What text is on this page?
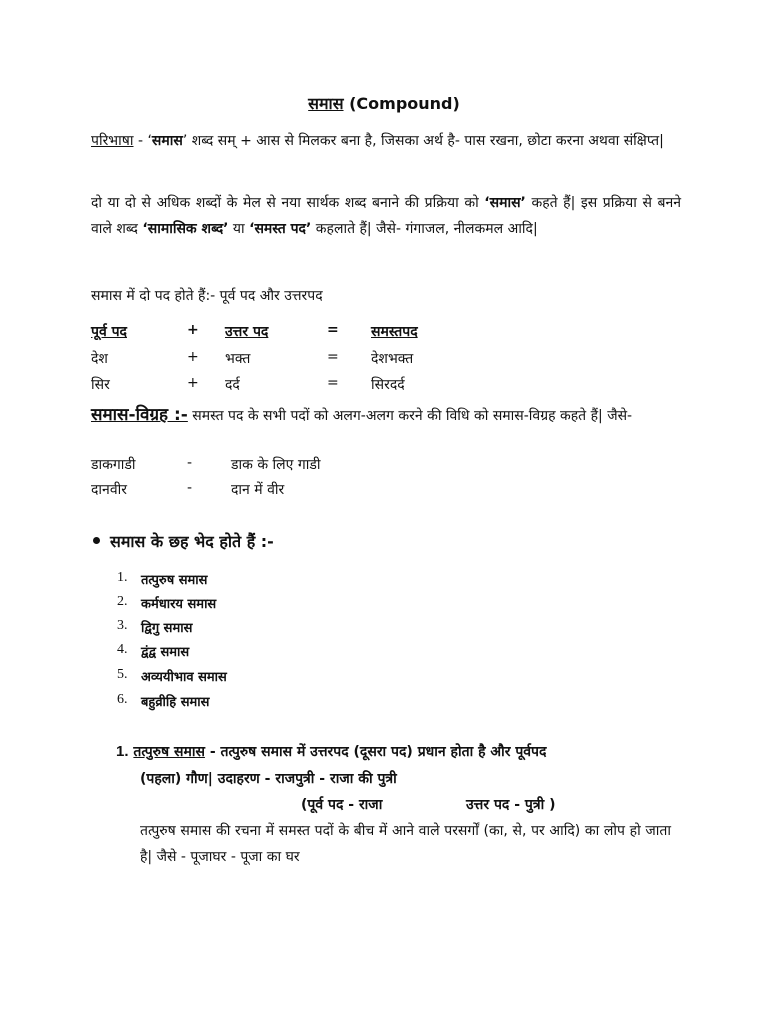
समास (Compound)
परिभाषा - ‘समास’ शब्द सम् + आस से मिलकर बना है, जिसका अर्थ है- पास रखना, छोटा करना अथवा संक्षिप्त|
दो या दो से अधिक शब्दों के मेल से नया सार्थक शब्द बनाने की प्रक्रिया को ‘समास’ कहते हैं| इस प्रक्रिया से बनने वाले शब्द ‘सामासिक शब्द’ या ‘समस्त पद’ कहलाते हैं| जैसे- गंगाजल, नीलकमल आदि|
समास में दो पद होते हैं:- पूर्व पद और उत्तरपद
पूर्व पद	+ उत्तर पद	= समस्तपद
देश	+ भक्त	= देशभक्त
सिर	+ दर्द	= सिरदर्द
समास-विग्रह :- समस्त पद के सभी पदों को अलग-अलग करने की विधि को समास-विग्रह कहते हैं| जैसे-
डाकगाडी	-	डाक के लिए गाडी
दानवीर	-	दान में वीर
समास के छह भेद होते हैं :-
1. तत्पुरुष समास
2. कर्मधारय समास
3. द्विगु समास
4. द्वंद्व समास
5. अव्ययीभाव समास
6. बहुव्रीहि समास
1. तत्पुरुष समास - तत्पुरुष समास में उत्तरपद (दूसरा पद) प्रधान होता है और पूर्वपद
(पहला) गौण| उदाहरण - राजपुत्री - राजा की पुत्री
(पूर्व पद - राजा	उत्तर पद - पुत्री )
तत्पुरुष समास की रचना में समस्त पदों के बीच में आने वाले परसर्गों (का, से, पर आदि) का लोप हो जाता है| जैसे - पूजाघर - पूजा का घर
